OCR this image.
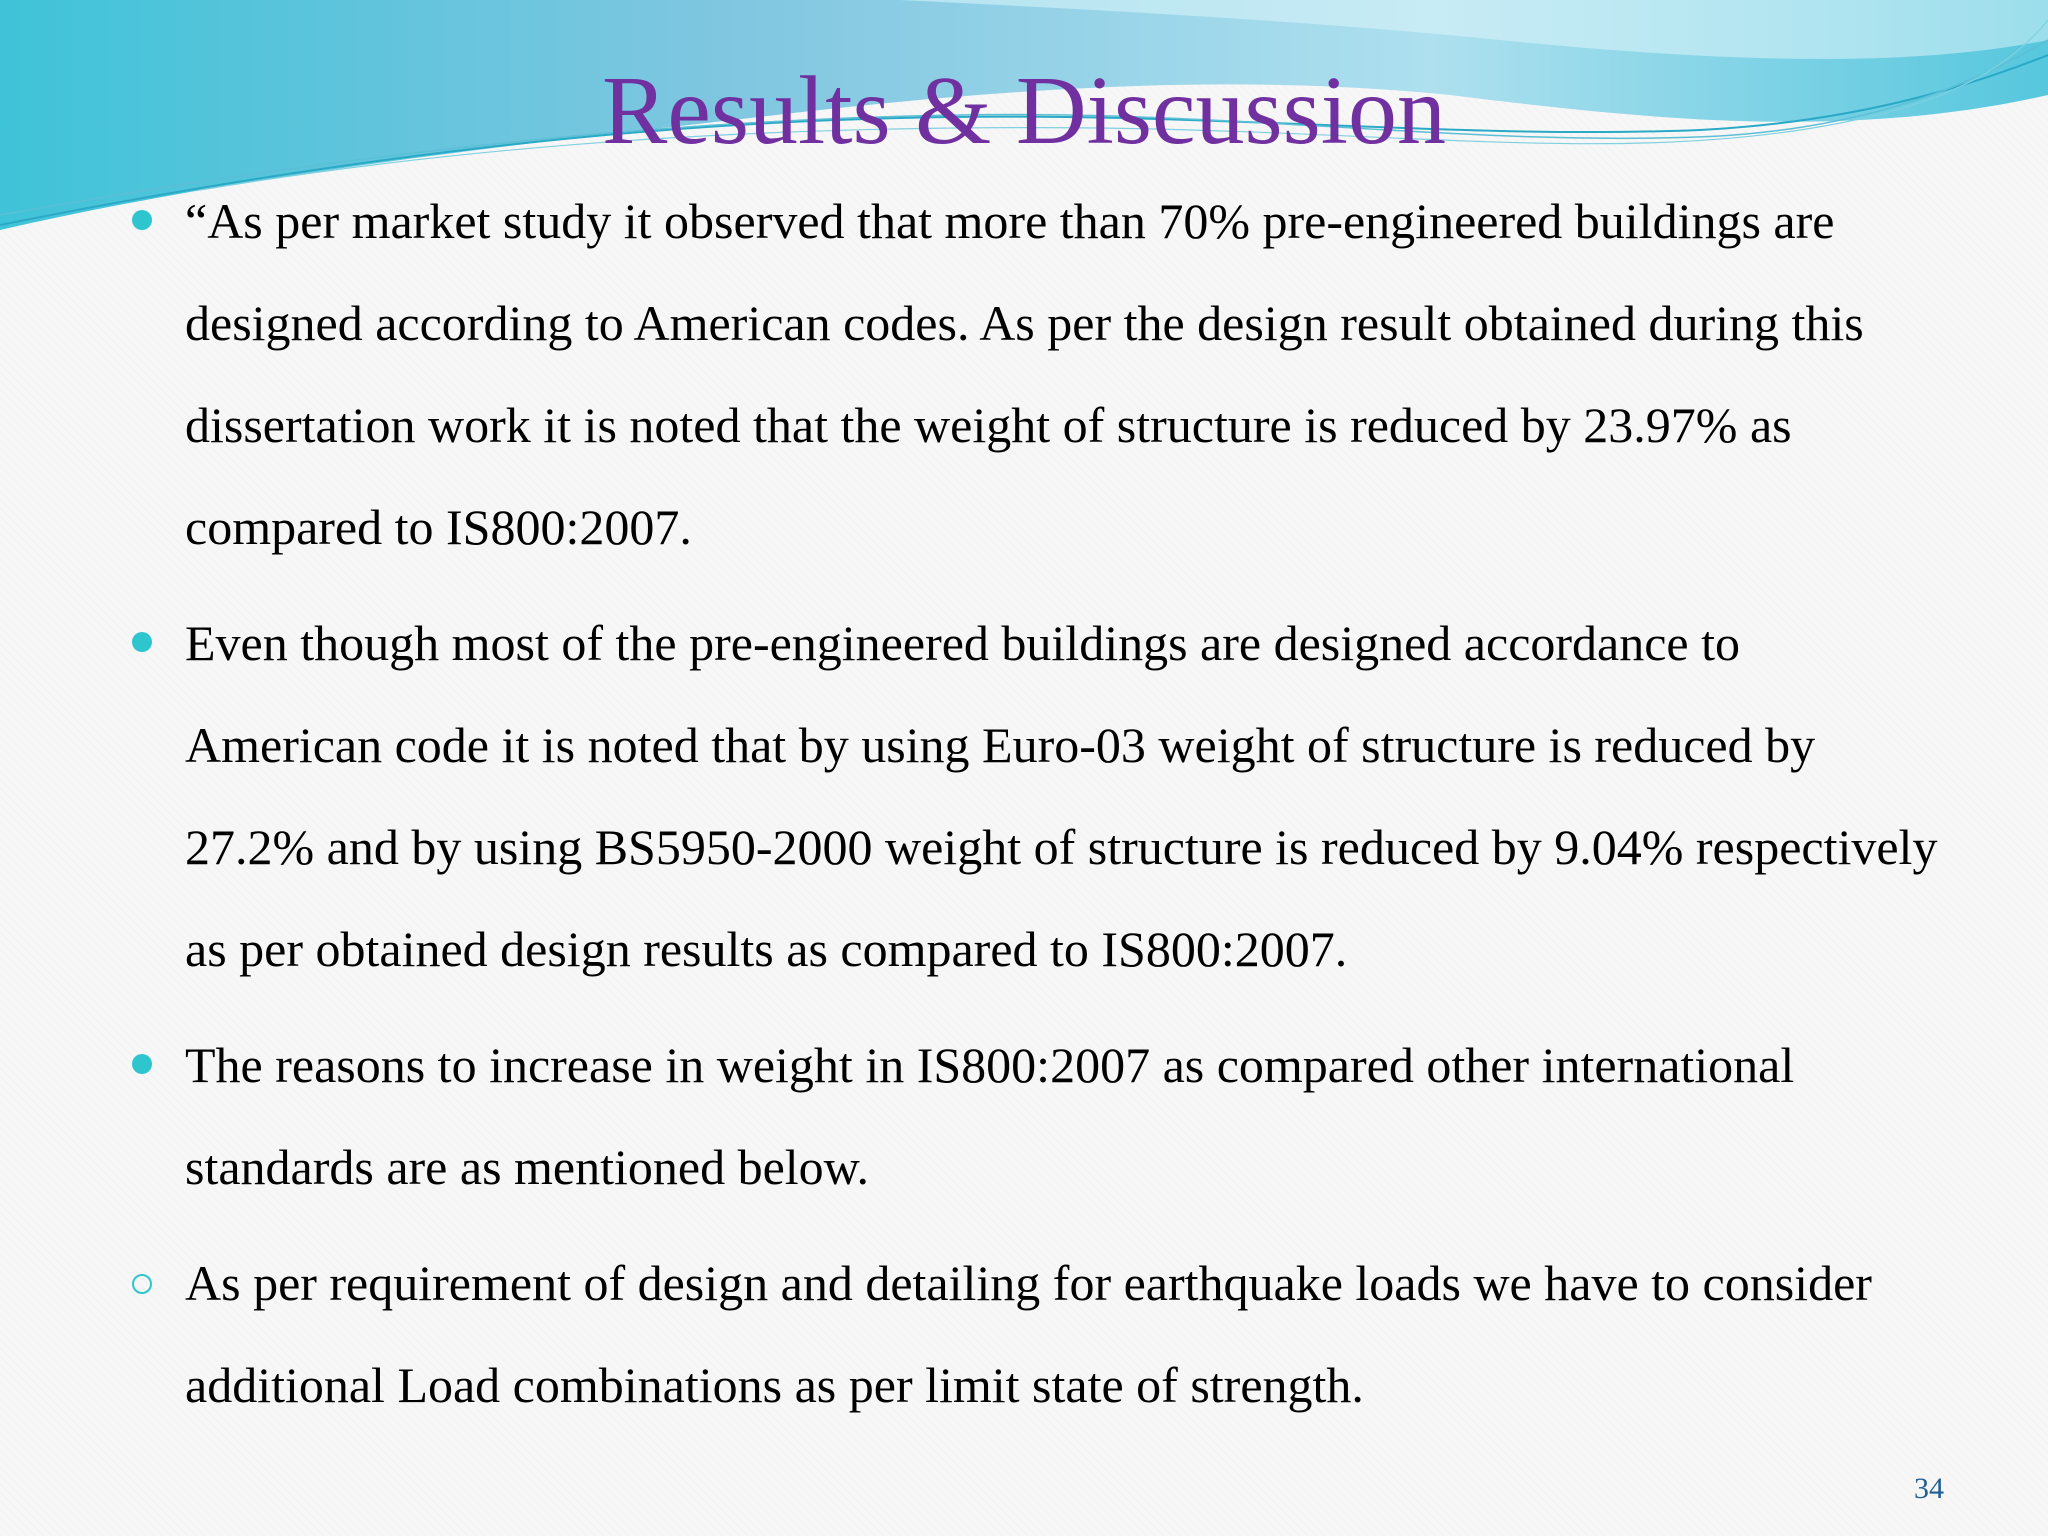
Results & Discussion
“As per market study it observed that more than 70% pre-engineered buildings are designed according to American codes. As per the design result obtained during this dissertation work it is noted that the weight of structure is reduced by 23.97% as compared to IS800:2007.
Even though most of the pre-engineered buildings are designed accordance to American code it is noted that by using Euro-03 weight of structure is reduced by 27.2% and by using BS5950-2000 weight of structure is reduced by 9.04% respectively as per obtained design results as compared to IS800:2007.
The reasons to increase in weight in IS800:2007 as compared other international standards are as mentioned below.
As per requirement of design and detailing for earthquake loads we have to consider additional Load combinations as per limit state of strength.
34
